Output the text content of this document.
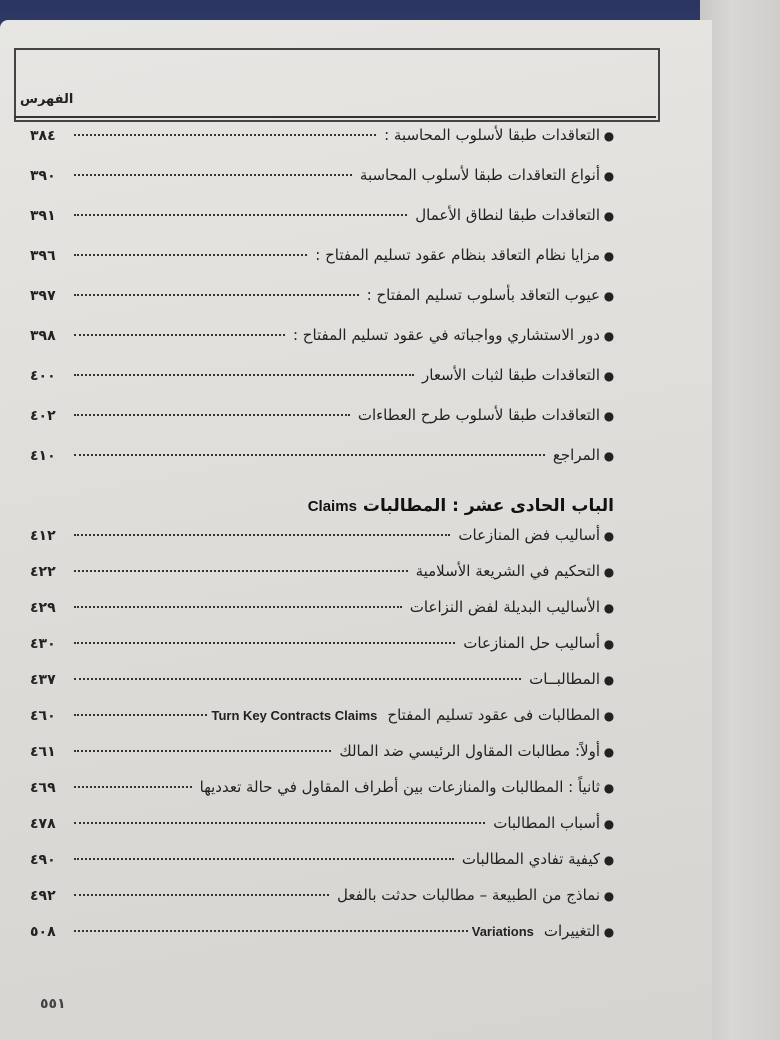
الفهرس
●
التعاقدات طبقا لأسلوب المحاسبة :
٣٨٤
●
أنواع التعاقدات طبقا لأسلوب المحاسبة
٣٩٠
●
التعاقدات طبقا لنطاق الأعمال
٣٩١
●
مزايا نظام التعاقد بنظام عقود تسليم المفتاح :
٣٩٦
●
عيوب التعاقد بأسلوب تسليم المفتاح :
٣٩٧
●
دور الاستشاري وواجباته في عقود تسليم المفتاح :
٣٩٨
●
التعاقدات طبقا لثبات الأسعار
٤٠٠
●
التعاقدات طبقا لأسلوب طرح العطاءات
٤٠٢
●
المراجع
٤١٠
الباب الحادى عشر : المطالبات
Claims
●
أساليب فض المنازعات
٤١٢
●
التحكيم في الشريعة الأسلامية
٤٢٢
●
الأساليب البديلة لفض النزاعات
٤٢٩
●
أساليب حل المنازعات
٤٣٠
●
المطالبــات
٤٣٧
●
المطالبات فى عقود تسليم المفتاح
Turn Key Contracts Claims
٤٦٠
●
أولاً: مطالبات المقاول الرئيسي ضد المالك
٤٦١
●
ثانياً : المطالبات والمنازعات بين أطراف المقاول في حالة تعدديها
٤٦٩
●
أسباب المطالبات
٤٧٨
●
كيفية تفادي المطالبات
٤٩٠
●
نماذج من الطبيعة – مطالبات حدثت بالفعل
٤٩٢
●
التغييرات
Variations
٥٠٨
٥٥١
